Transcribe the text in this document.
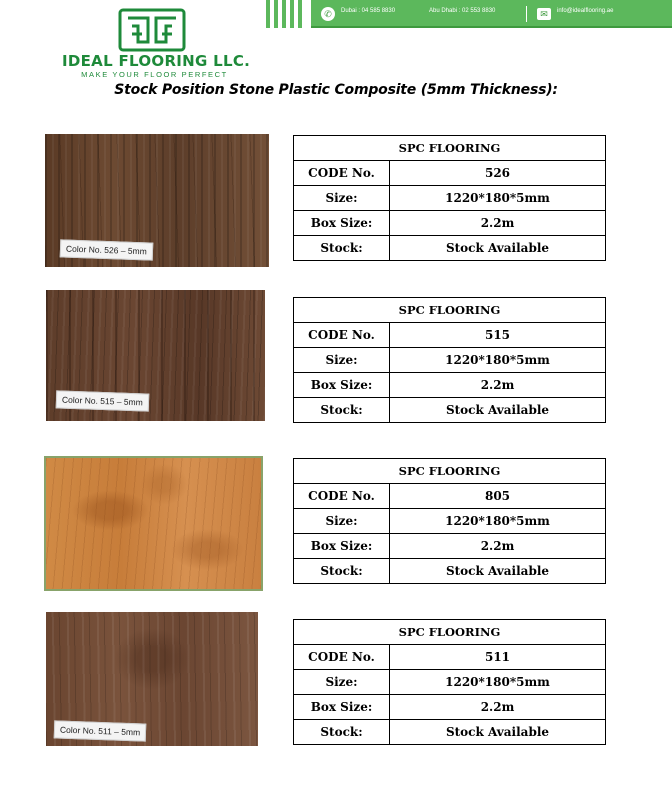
IDEAL FLOORING LLC.
MAKE YOUR FLOOR PERFECT
✆	Dubai : 04 585 8830	Abu Dhabi : 02 553 8830	✉	info@idealflooring.ae
Stock Position Stone Plastic Composite (5mm Thickness):
Color No. 526 – 5mm
SPC FLOORING	
CODE No.	526
Size:	1220*180*5mm
Box Size:	2.2m
Stock:	Stock Available
Color No. 515 – 5mm
SPC FLOORING	
CODE No.	515
Size:	1220*180*5mm
Box Size:	2.2m
Stock:	Stock Available
SPC FLOORING	
CODE No.	805
Size:	1220*180*5mm
Box Size:	2.2m
Stock:	Stock Available
Color No. 511 – 5mm
SPC FLOORING	
CODE No.	511
Size:	1220*180*5mm
Box Size:	2.2m
Stock:	Stock Available
